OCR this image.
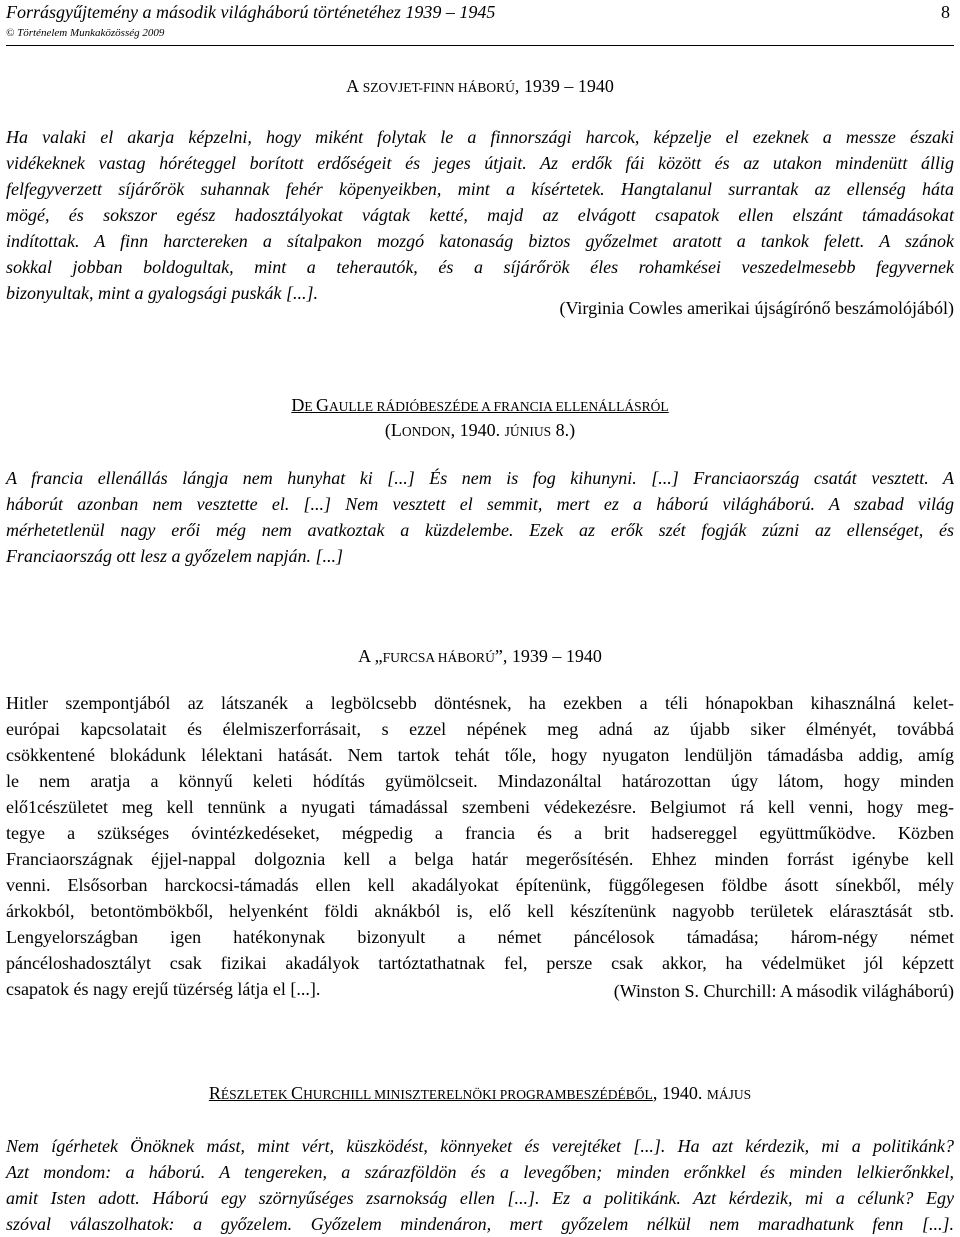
Forrásgyűjtemény a második világháború történetéhez 1939 – 1945
© Történelem Munkaközösség 2009
8
A SZOVJET-FINN HÁBORÚ, 1939 – 1940
Ha valaki el akarja képzelni, hogy miként folytak le a finnországi harcok, képzelje el ezeknek a messze északi
vidékeknek vastag hóréteggel borított erdőségeit és jeges útjait. Az erdők fái között és az utakon mindenütt állig
felfegyverzett síjárőrök suhannak fehér köpenyeikben, mint a kísértetek. Hangtalanul surrantak az ellenség háta
mögé, és sokszor egész hadosztályokat vágtak ketté, majd az elvágott csapatok ellen elszánt támadásokat
indítottak. A finn harctereken a sítalpakon mozgó katonaság biztos győzelmet aratott a tankok felett. A szánok
sokkal jobban boldogultak, mint a teherautók, és a síjárőrök éles rohamkései veszedelmesebb fegyvernek
bizonyultak, mint a gyalogsági puskák [...].
(Virginia Cowles amerikai újságírónő beszámolójából)
DE GAULLE RÁDIÓBESZÉDE A FRANCIA ELLENÁLLÁSRÓL
(LONDON, 1940. JÚNIUS 8.)
A francia ellenállás lángja nem hunyhat ki [...] És nem is fog kihunyni. [...] Franciaország csatát vesztett. A
háborút azonban nem vesztette el. [...] Nem vesztett el semmit, mert ez a háború világháború. A szabad világ
mérhetetlenül nagy erői még nem avatkoztak a küzdelembe. Ezek az erők szét fogják zúzni az ellenséget, és
Franciaország ott lesz a győzelem napján. [...]
A „FURCSA HÁBORÚ”, 1939 – 1940
Hitler szempontjából az látszanék a legbölcsebb döntésnek, ha ezekben a téli hónapokban kihasználná kelet-
európai kapcsolatait és élelmiszerforrásait, s ezzel népének meg adná az újabb siker élményét, továbbá
csökkentené blokádunk lélektani hatását. Nem tartok tehát tőle, hogy nyugaton lendüljön támadásba addig, amíg
le nem aratja a könnyű keleti hódítás gyümölcseit. Mindazonáltal határozottan úgy látom, hogy minden
elő1cészületet meg kell tennünk a nyugati támadással szembeni védekezésre. Belgiumot rá kell venni, hogy meg-
tegye a szükséges óvintézkedéseket, mégpedig a francia és a brit hadsereggel együttműködve. Közben
Franciaországnak éjjel-nappal dolgoznia kell a belga határ megerősítésén. Ehhez minden forrást igénybe kell
venni. Elsősorban harckocsi-támadás ellen kell akadályokat építenünk, függőlegesen földbe ásott sínekből, mély
árkokból, betontömbökből, helyenként földi aknákból is, elő kell készítenünk nagyobb területek elárasztását stb.
Lengyelországban igen hatékonynak bizonyult a német páncélosok támadása; három-négy német
páncéloshadosztályt csak fizikai akadályok tartóztathatnak fel, persze csak akkor, ha védelmüket jól képzett
csapatok és nagy erejű tüzérség látja el [...].	(Winston S. Churchill: A második világháború)
RÉSZLETEK CHURCHILL MINISZTERELNÖKI PROGRAMBESZÉDÉBŐL, 1940. MÁJUS
Nem ígérhetek Önöknek mást, mint vért, küszködést, könnyeket és verejtéket [...]. Ha azt kérdezik, mi a politikánk?
Azt mondom: a háború. A tengereken, a szárazföldön és a levegőben; minden erőnkkel és minden lelkierőnkkel,
amit Isten adott. Háború egy szörnyűséges zsarnokság ellen [...]. Ez a politikánk. Azt kérdezik, mi a célunk? Egy
szóval válaszolhatok: a győzelem. Győzelem mindenáron, mert győzelem nélkül nem maradhatunk fenn [...].
